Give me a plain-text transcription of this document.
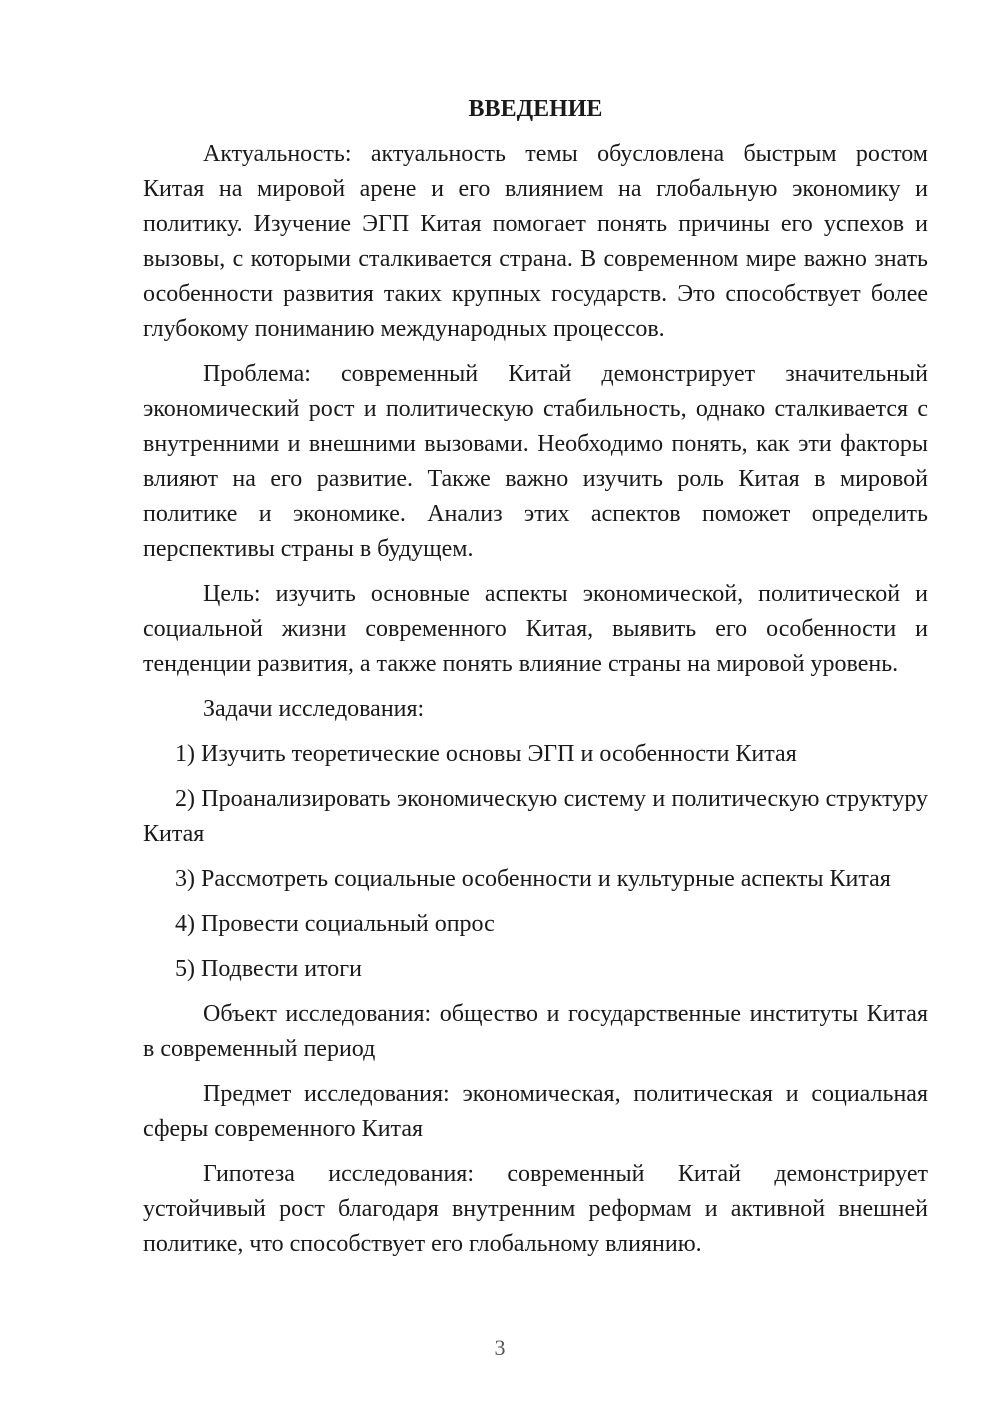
ВВЕДЕНИЕ

Актуальность: актуальность темы обусловлена быстрым ростом Китая на мировой арене и его влиянием на глобальную экономику и политику. Изучение ЭГП Китая помогает понять причины его успехов и вызовы, с которыми сталкивается страна. В современном мире важно знать особенности развития таких крупных государств. Это способствует более глубокому пониманию международных процессов.

Проблема: современный Китай демонстрирует значительный экономический рост и политическую стабильность, однако сталкивается с внутренними и внешними вызовами. Необходимо понять, как эти факторы влияют на его развитие. Также важно изучить роль Китая в мировой политике и экономике. Анализ этих аспектов поможет определить перспективы страны в будущем.

Цель: изучить основные аспекты экономической, политической и социальной жизни современного Китая, выявить его особенности и тенденции развития, а также понять влияние страны на мировой уровень.

Задачи исследования:

1) Изучить теоретические основы ЭГП и особенности Китая

2) Проанализировать экономическую систему и политическую структуру Китая

3) Рассмотреть социальные особенности и культурные аспекты Китая

4) Провести социальный опрос

5) Подвести итоги

Объект исследования: общество и государственные институты Китая в современный период

Предмет исследования: экономическая, политическая и социальная сферы современного Китая

Гипотеза исследования: современный Китай демонстрирует устойчивый рост благодаря внутренним реформам и активной внешней политике, что способствует его глобальному влиянию.

3
